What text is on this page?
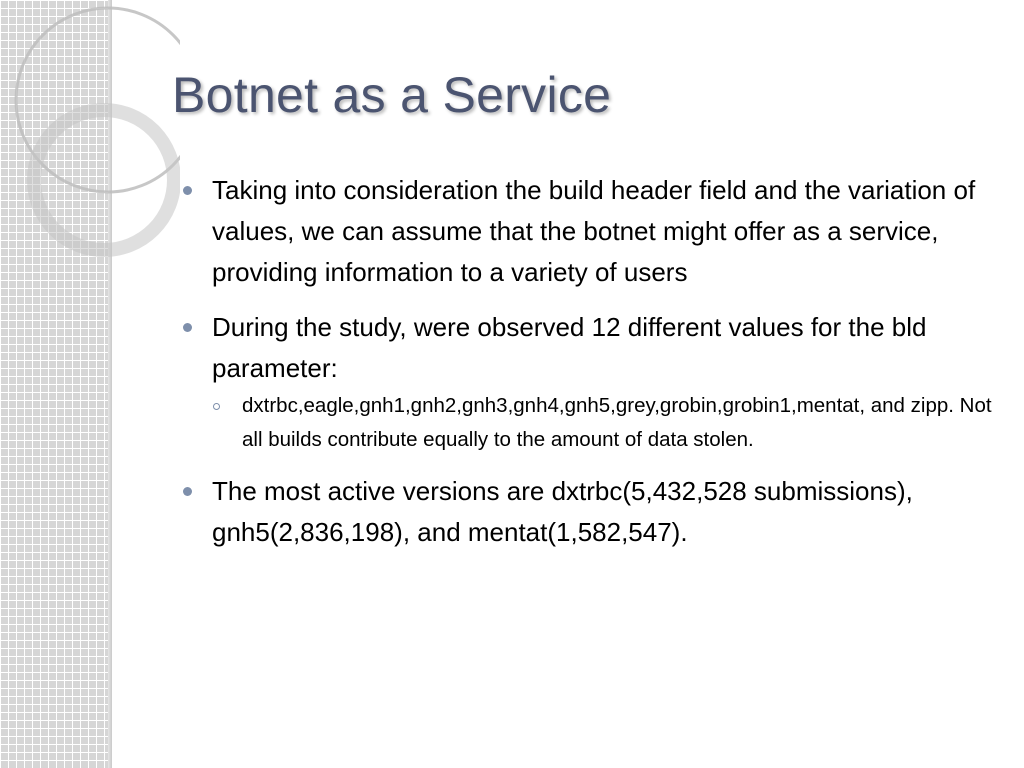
Botnet as a Service
Taking into consideration the build header field and the variation of values, we can assume that the botnet might offer as a service, providing information to a variety of users
During the study, were observed 12 different values for the bld parameter:
dxtrbc,eagle,gnh1,gnh2,gnh3,gnh4,gnh5,grey,grobin,grobin1,mentat, and zipp. Not all builds contribute equally to the amount of data stolen.
The most active versions are dxtrbc(5,432,528 submissions), gnh5(2,836,198), and mentat(1,582,547).
